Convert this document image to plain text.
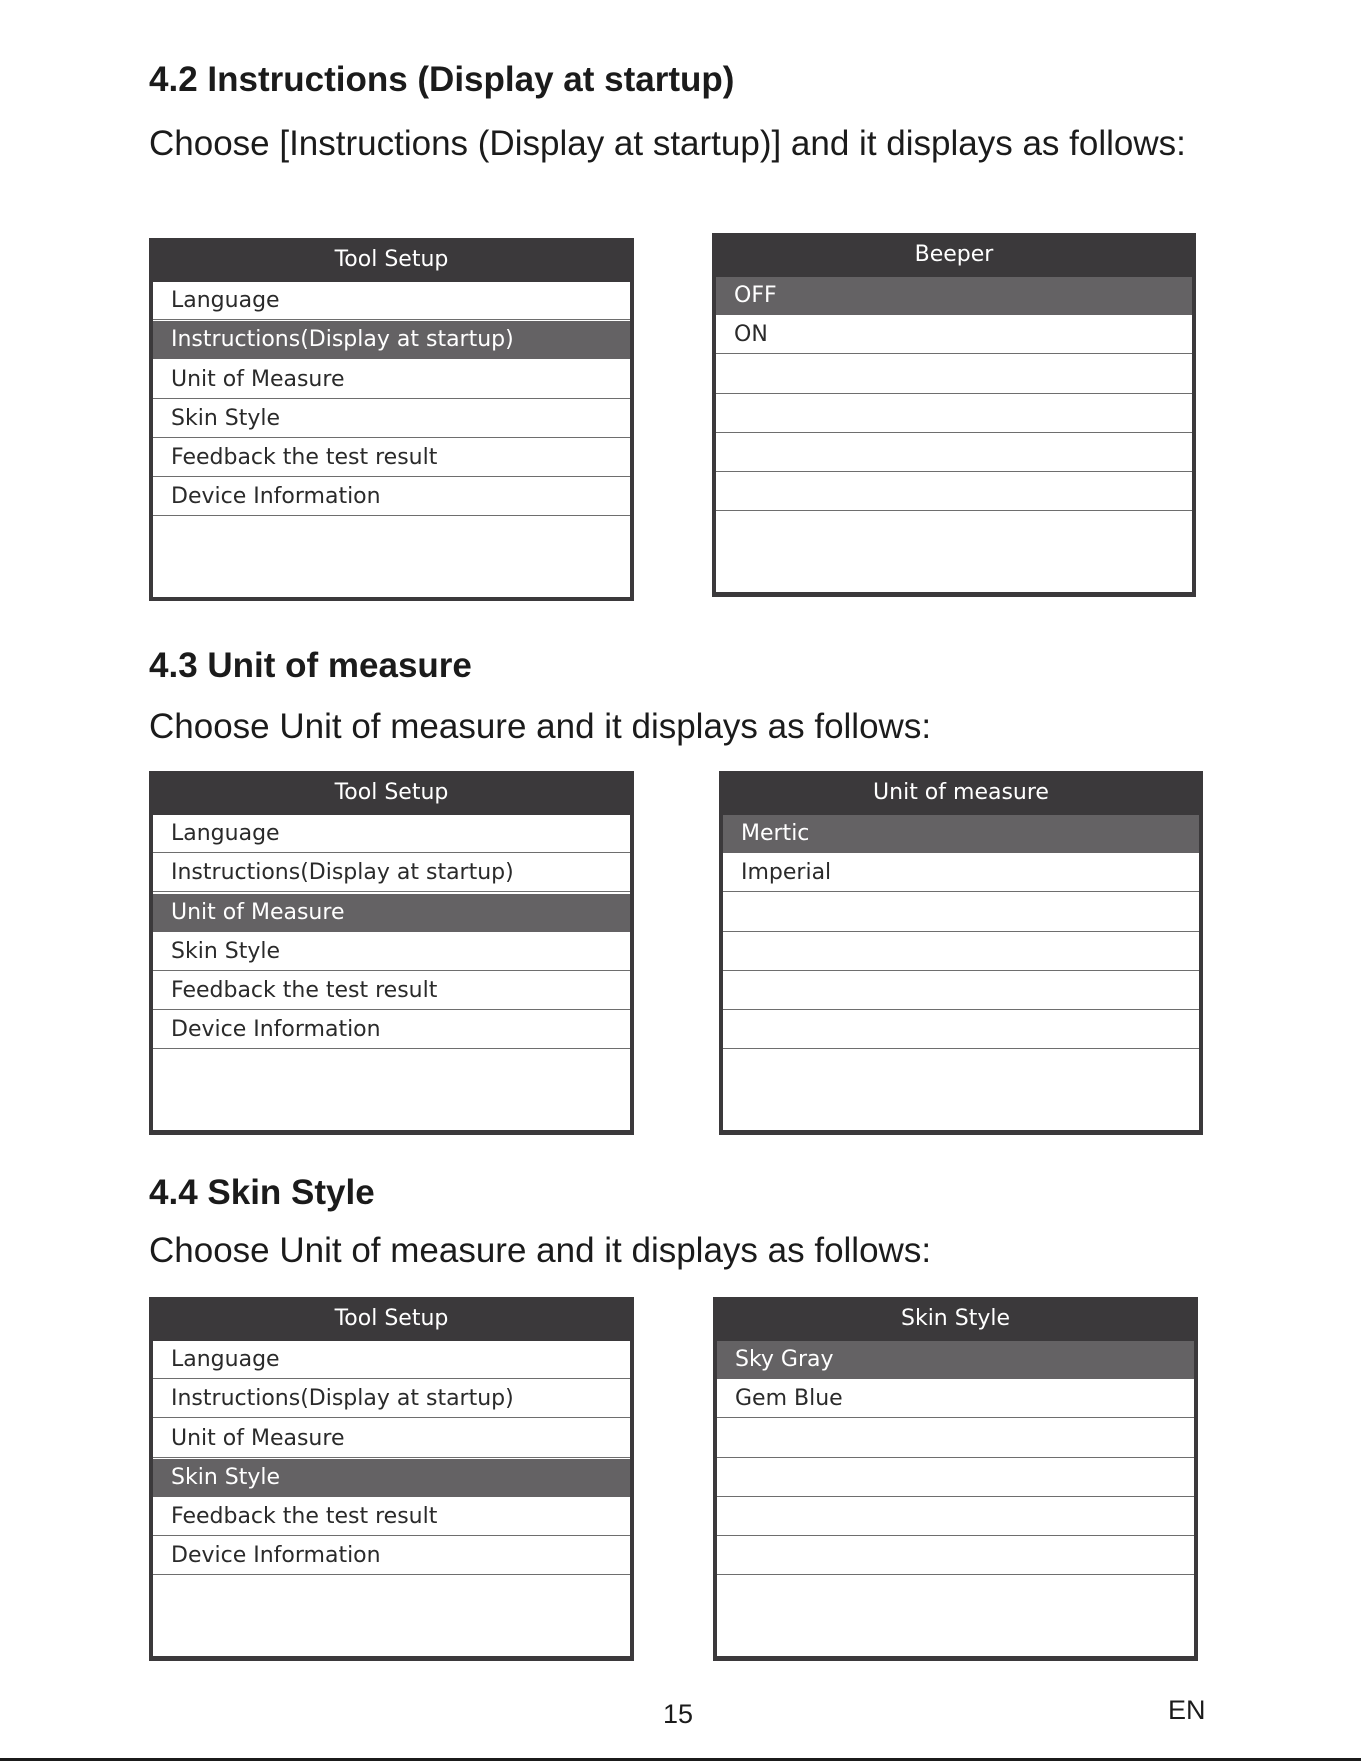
4.2 Instructions (Display at startup)

Choose [Instructions (Display at startup)] and it displays as follows:

Tool Setup
Language
Instructions(Display at startup)
Unit of Measure
Skin Style
Feedback the test result
Device Information
2/6
Beeper
OFF
ON
1/2
4.3 Unit of measure

Choose Unit of measure and it displays as follows:

Tool Setup
Language
Instructions(Display at startup)
Unit of Measure
Skin Style
Feedback the test result
Device Information
3/6
Unit of measure
Mertic
Imperial
1/2
4.4 Skin Style

Choose Unit of measure and it displays as follows:

Tool Setup
Language
Instructions(Display at startup)
Unit of Measure
Skin Style
Feedback the test result
Device Information
4/6
Skin Style
Sky Gray
Gem Blue
1/2
15	EN
